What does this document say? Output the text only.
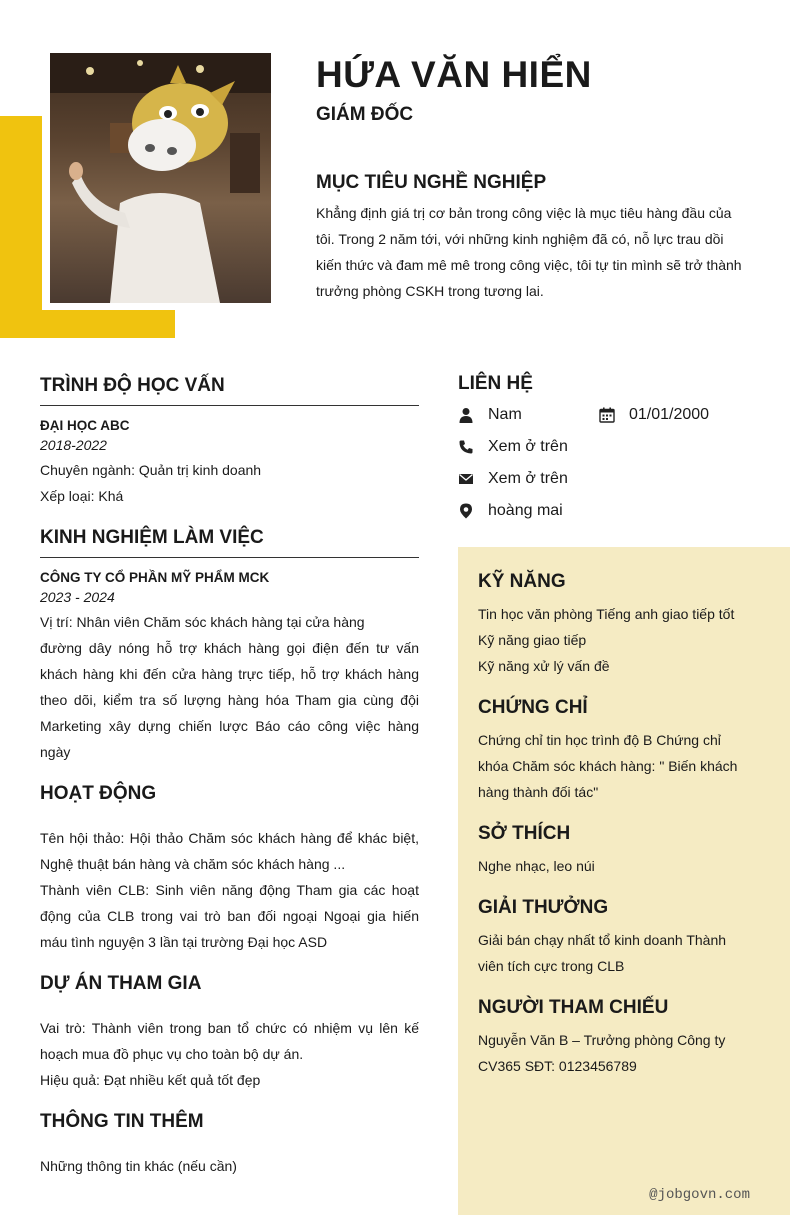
HỨA VĂN HIỂN
GIÁM ĐỐC
MỤC TIÊU NGHỀ NGHIỆP

Khẳng định giá trị cơ bản trong công việc là mục tiêu hàng đầu của tôi. Trong 2 năm tới, với những kinh nghiệm đã có, nỗ lực trau dồi kiến thức và đam mê mê trong công việc, tôi tự tin mình sẽ trở thành trưởng phòng CSKH trong tương lai.

TRÌNH ĐỘ HỌC VẤN

ĐẠI HỌC ABC

2018-2022

Chuyên ngành: Quản trị kinh doanh

Xếp loại: Khá

KINH NGHIỆM LÀM VIỆC

CÔNG TY CỔ PHẦN MỸ PHẨM MCK

2023 - 2024

Vị trí: Nhân viên Chăm sóc khách hàng tại cửa hàng

đường dây nóng hỗ trợ khách hàng gọi điện đến tư vấn khách hàng khi đến cửa hàng trực tiếp, hỗ trợ khách hàng theo dõi, kiểm tra số lượng hàng hóa Tham gia cùng đội Marketing xây dựng chiến lược Báo cáo công việc hàng ngày

HOẠT ĐỘNG

Tên hội thảo: Hội thảo Chăm sóc khách hàng để khác biệt, Nghệ thuật bán hàng và chăm sóc khách hàng ...

Thành viên CLB: Sinh viên năng động Tham gia các hoạt động của CLB trong vai trò ban đối ngoại Ngoại gia hiến máu tình nguyện 3 lần tại trường Đại học ASD

DỰ ÁN THAM GIA

Vai trò: Thành viên trong ban tổ chức có nhiệm vụ lên kế hoạch mua đồ phục vụ cho toàn bộ dự án.

Hiệu quả: Đạt nhiều kết quả tốt đẹp

THÔNG TIN THÊM

Những thông tin khác (nếu cần)

LIÊN HỆ
Nam	01/01/2000
Xem ở trên
Xem ở trên
hoàng mai
KỸ NĂNG

Tin học văn phòng Tiếng anh giao tiếp tốt

Kỹ năng giao tiếp

Kỹ năng xử lý vấn đề

CHỨNG CHỈ

Chứng chỉ tin học trình độ B Chứng chỉ khóa Chăm sóc khách hàng: " Biến khách hàng thành đối tác"

SỞ THÍCH

Nghe nhạc, leo núi

GIẢI THƯỞNG

Giải bán chạy nhất tổ kinh doanh Thành viên tích cực trong CLB

NGƯỜI THAM CHIẾU

Nguyễn Văn B – Trưởng phòng Công ty CV365 SĐT: 0123456789

@jobgovn.com
